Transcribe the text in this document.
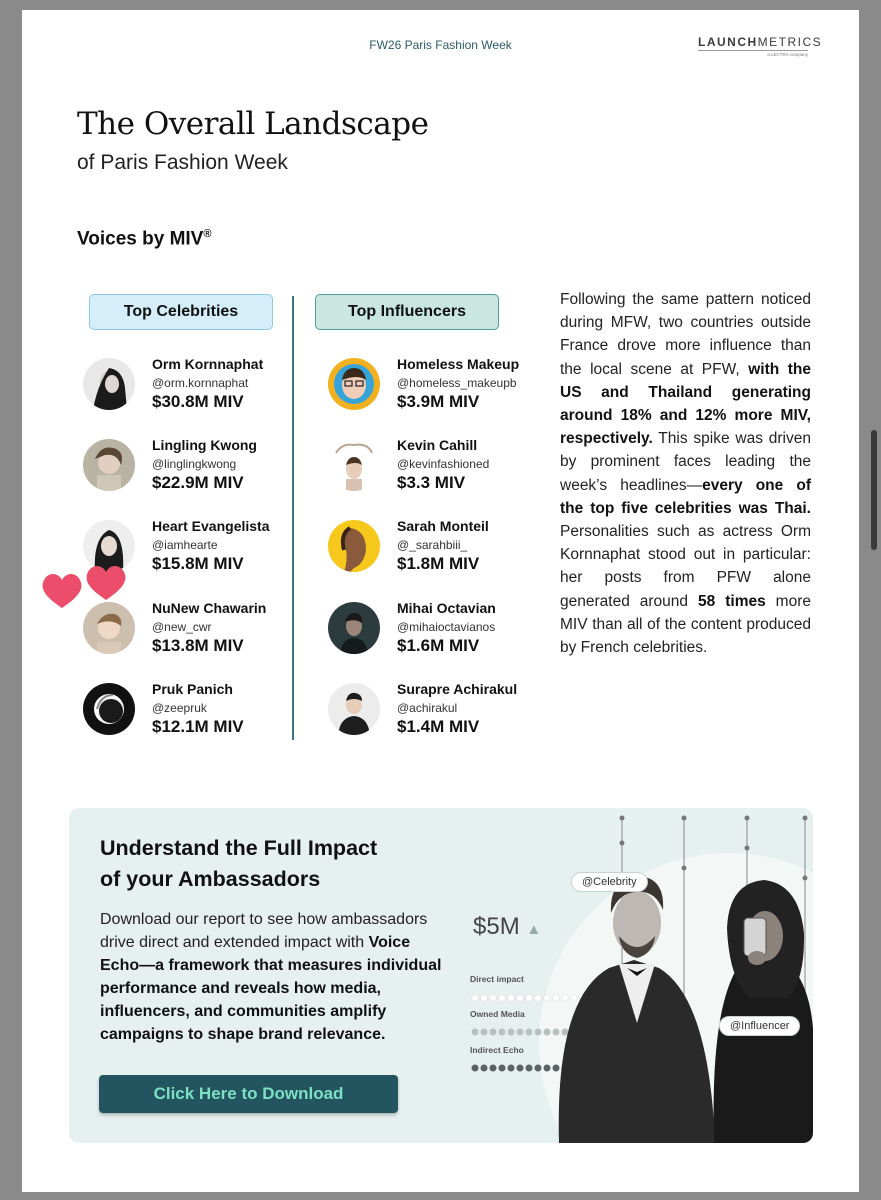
FW26 Paris Fashion Week	LAUNCHMETRICS
a LECTRA company
The Overall Landscape
of Paris Fashion Week
Voices by MIV®
Top Celebrities	Top Influencers
Orm Kornnaphat
@orm.kornnaphat
$30.8M MIV
Lingling Kwong
@linglingkwong
$22.9M MIV
Heart Evangelista
@iamhearte
$15.8M MIV
NuNew Chawarin
@new_cwr
$13.8M MIV
Pruk Panich
@zeepruk
$12.1M MIV
Homeless Makeup
@homeless_makeupb
$3.9M MIV
Kevin Cahill
@kevinfashioned
$3.3 MIV
Sarah Monteil
@_sarahbiii_
$1.8M MIV
Mihai Octavian
@mihaioctavianos
$1.6M MIV
Surapre Achirakul
@achirakul
$1.4M MIV
Following the same pattern noticed during MFW, two countries outside France drove more influence than the local scene at PFW, with the US and Thailand generating around 18% and 12% more MIV, respectively. This spike was driven by prominent faces leading the week’s headlines—every one of the top five celebrities was Thai. Personalities such as actress Orm Kornnaphat stood out in particular: her posts from PFW alone generated around 58 times more MIV than all of the content produced by French celebrities.
Understand the Full Impact
of your Ambassadors
Download our report to see how ambassadors drive direct and extended impact with Voice Echo—a framework that measures individual performance and reveals how media, influencers, and communities amplify campaigns to shape brand relevance.
Click Here to Download
@Celebrity
@Influencer
$5M ▲
Direct impact
Owned Media
Indirect Echo
